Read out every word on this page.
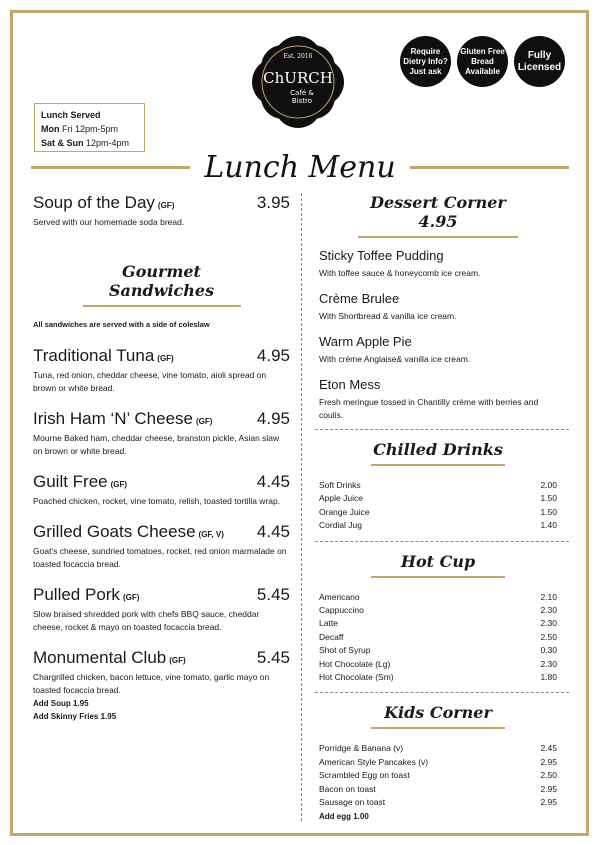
Lunch Served
Mon Fri 12pm-5pm
Sat & Sun 12pm-4pm
Est. 2016
ChURCH
Café &
Bistro
Require
Dietry Info?
Just ask
Gluten Free
Bread
Available
Fully
Licensed
Lunch Menu
Soup of the Day (GF)	3.95
Served with our homemade soda bread.
Gourmet Sandwiches
All sandwiches are served with a side of coleslaw
Traditional Tuna (GF)	4.95
Tuna, red onion, cheddar cheese, vine tomato, aioli spread on brown or white bread.
Irish Ham ‘N’ Cheese (GF)	4.95
Mourne Baked ham, cheddar cheese, branston pickle, Asian slaw on brown or white bread.
Guilt Free (GF)	4.45
Poached chicken, rocket, vine tomato, relish, toasted tortilla wrap.
Grilled Goats Cheese (GF, V) 4.45
Goat’s cheese, sundried tomatoes, rocket, red onion marmalade on toasted focaccia bread.
Pulled Pork (GF)	5.45
Slow braised shredded pork with chefs BBQ sauce, cheddar cheese, rocket & mayo on toasted focaccia bread.
Monumental Club (GF)	5.45
Chargrilled chicken, bacon lettuce, vine tomato, garlic mayo on toasted focaccia bread.
Add Soup 1.95
Add Skinny Fries 1.95
Dessert Corner 4.95
Sticky Toffee Pudding
With toffee sauce & honeycomb ice cream.
Crème Brulee
With Shortbread & vanilla ice cream.
Warm Apple Pie
With crème Anglaise& vanilla ice cream.
Eton Mess
Fresh meringue tossed in Chantilly crème with berries and coulis.
Chilled Drinks
Soft Drinks	2.00
Apple Juice	1.50
Orange Juice	1.50
Cordial Jug	1.40
Hot Cup
Americano	2.10
Cappuccino	2.30
Latte	2.30
Decaff	2.50
Shot of Syrup	0.30
Hot Chocolate (Lg)	2.30
Hot Chocolate (Sm)	1.80
Kids Corner
Porridge & Banana (v)	2.45
American Style Pancakes (v)	2.95
Scrambled Egg on toast	2.50
Bacon on toast	2.95
Sausage on toast	2.95
Add egg 1.00
